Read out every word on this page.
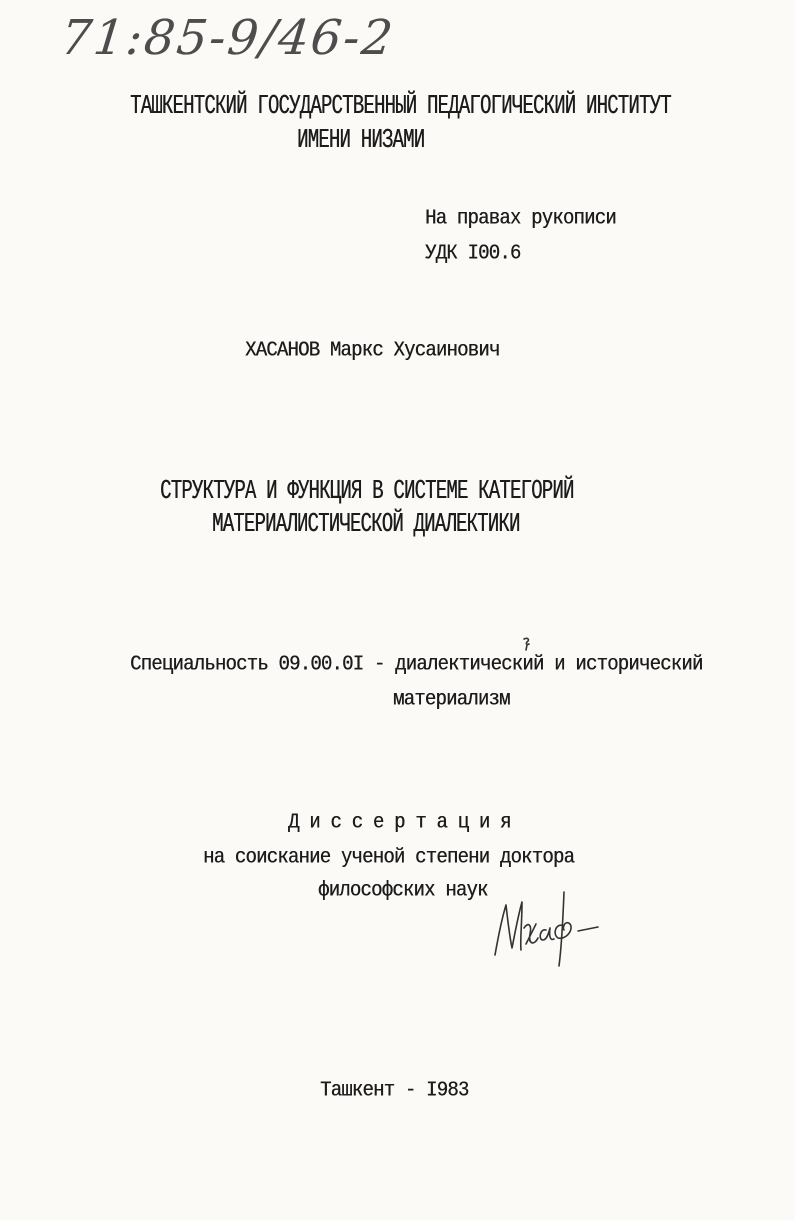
71:85-9/46-2
ТАШКЕНТСКИЙ ГОСУДАРСТВЕННЫЙ ПЕДАГОГИЧЕСКИЙ ИНСТИТУТ
ИМЕНИ НИЗАМИ
На правах рукописи
УДК I00.6
ХАСАНОВ Маркс Хусаинович
СТРУКТУРА И ФУНКЦИЯ В СИСТЕМЕ КАТЕГОРИЙ
МАТЕРИАЛИСТИЧЕСКОЙ ДИАЛЕКТИКИ
Специальность 09.00.0I - диалектический и исторический
материализм
Д и с с е р т а ц и я
на соискание ученой степени доктора
философских наук
Ташкент - I983
